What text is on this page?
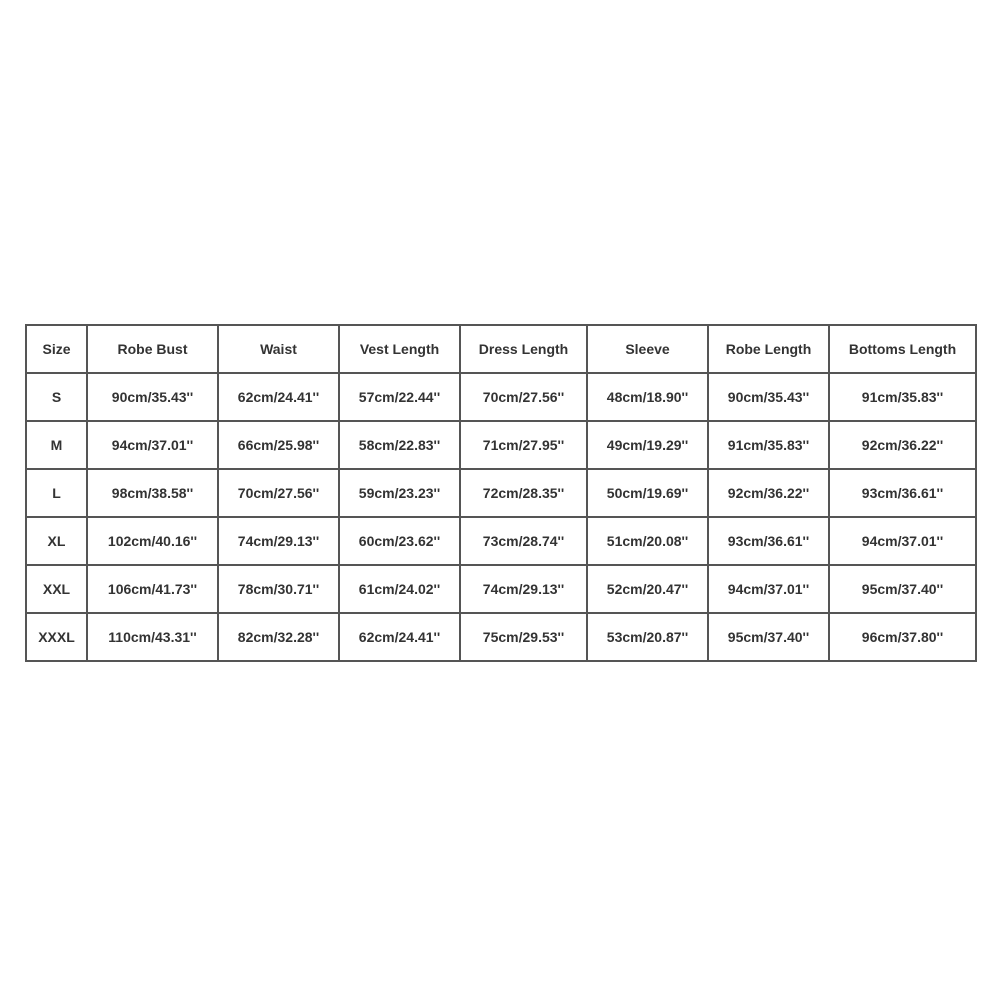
Size	Robe Bust	Waist	Vest Length	Dress Length	Sleeve	Robe Length	Bottoms Length
S	90cm/35.43''	62cm/24.41''	57cm/22.44''	70cm/27.56''	48cm/18.90''	90cm/35.43''	91cm/35.83''
M	94cm/37.01''	66cm/25.98''	58cm/22.83''	71cm/27.95''	49cm/19.29''	91cm/35.83''	92cm/36.22''
L	98cm/38.58''	70cm/27.56''	59cm/23.23''	72cm/28.35''	50cm/19.69''	92cm/36.22''	93cm/36.61''
XL	102cm/40.16''	74cm/29.13''	60cm/23.62''	73cm/28.74''	51cm/20.08''	93cm/36.61''	94cm/37.01''
XXL	106cm/41.73''	78cm/30.71''	61cm/24.02''	74cm/29.13''	52cm/20.47''	94cm/37.01''	95cm/37.40''
XXXL	110cm/43.31''	82cm/32.28''	62cm/24.41''	75cm/29.53''	53cm/20.87''	95cm/37.40''	96cm/37.80''
